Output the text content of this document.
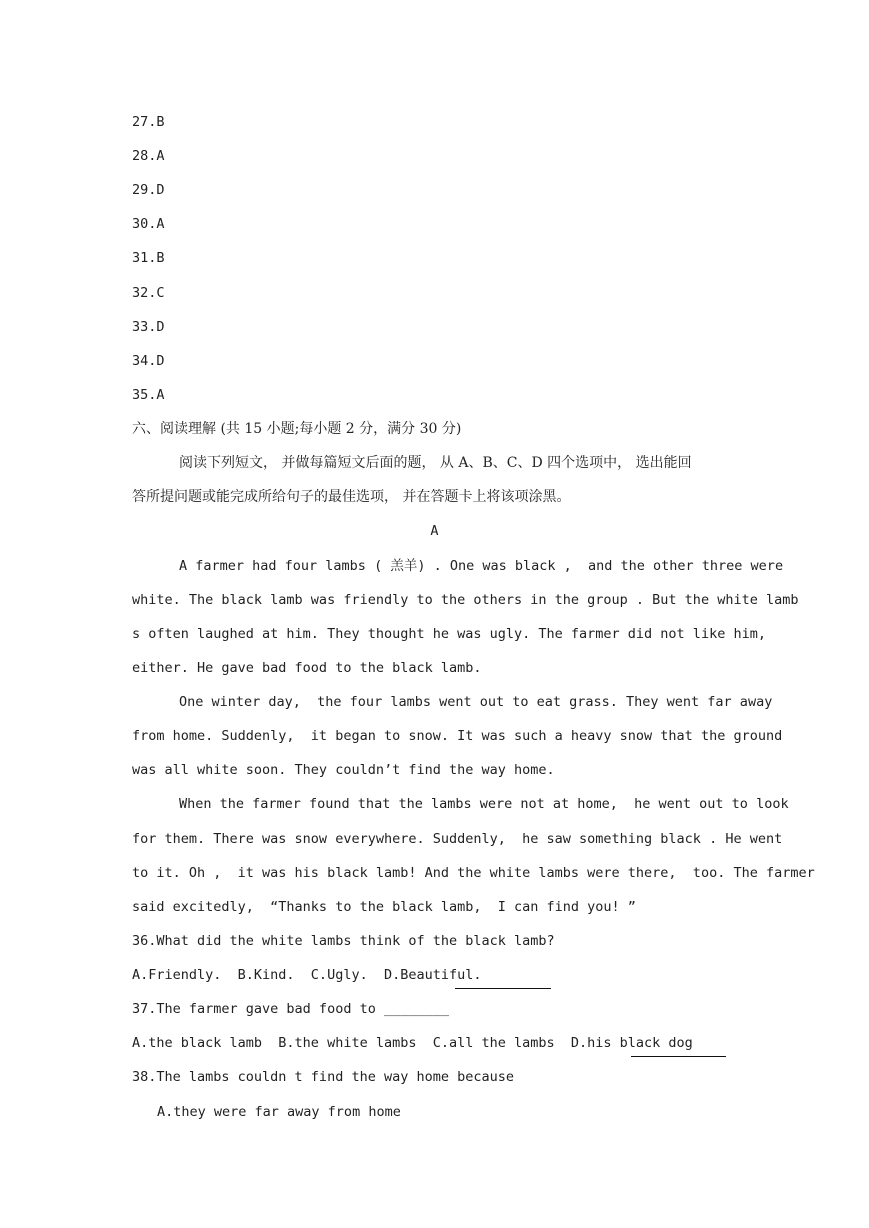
27.B
28.A
29.D
30.A
31.B
32.C
33.D
34.D
35.A
六、阅读理解 (共 15 小题;每小题 2 分，满分 30 分)
阅读下列短文， 并做每篇短文后面的题， 从 A、B、C、D 四个选项中， 选出能回
答所提问题或能完成所给句子的最佳选项， 并在答题卡上将该项涂黑。
A
A farmer had four lambs ( 羔羊) . One was black ,  and the other three were
white. The black lamb was friendly to the others in the group . But the white lamb
s often laughed at him. They thought he was ugly. The farmer did not like him,
either. He gave bad food to the black lamb.
One winter day,  the four lambs went out to eat grass. They went far away
from home. Suddenly,  it began to snow. It was such a heavy snow that the ground
was all white soon. They couldn’t find the way home.
When the farmer found that the lambs were not at home,  he went out to look
for them. There was snow everywhere. Suddenly,  he saw something black . He went
to it. Oh ,  it was his black lamb! And the white lambs were there,  too. The farmer
said excitedly,  “Thanks to the black lamb,  I can find you! ”
36.What did the white lambs think of the black lamb?
A.Friendly.  B.Kind.  C.Ugly.  D.Beautiful.
37.The farmer gave bad food to ________
A.the black lamb  B.the white lambs  C.all the lambs  D.his black dog
38.The lambs couldn t find the way home because
A.they were far away from home
